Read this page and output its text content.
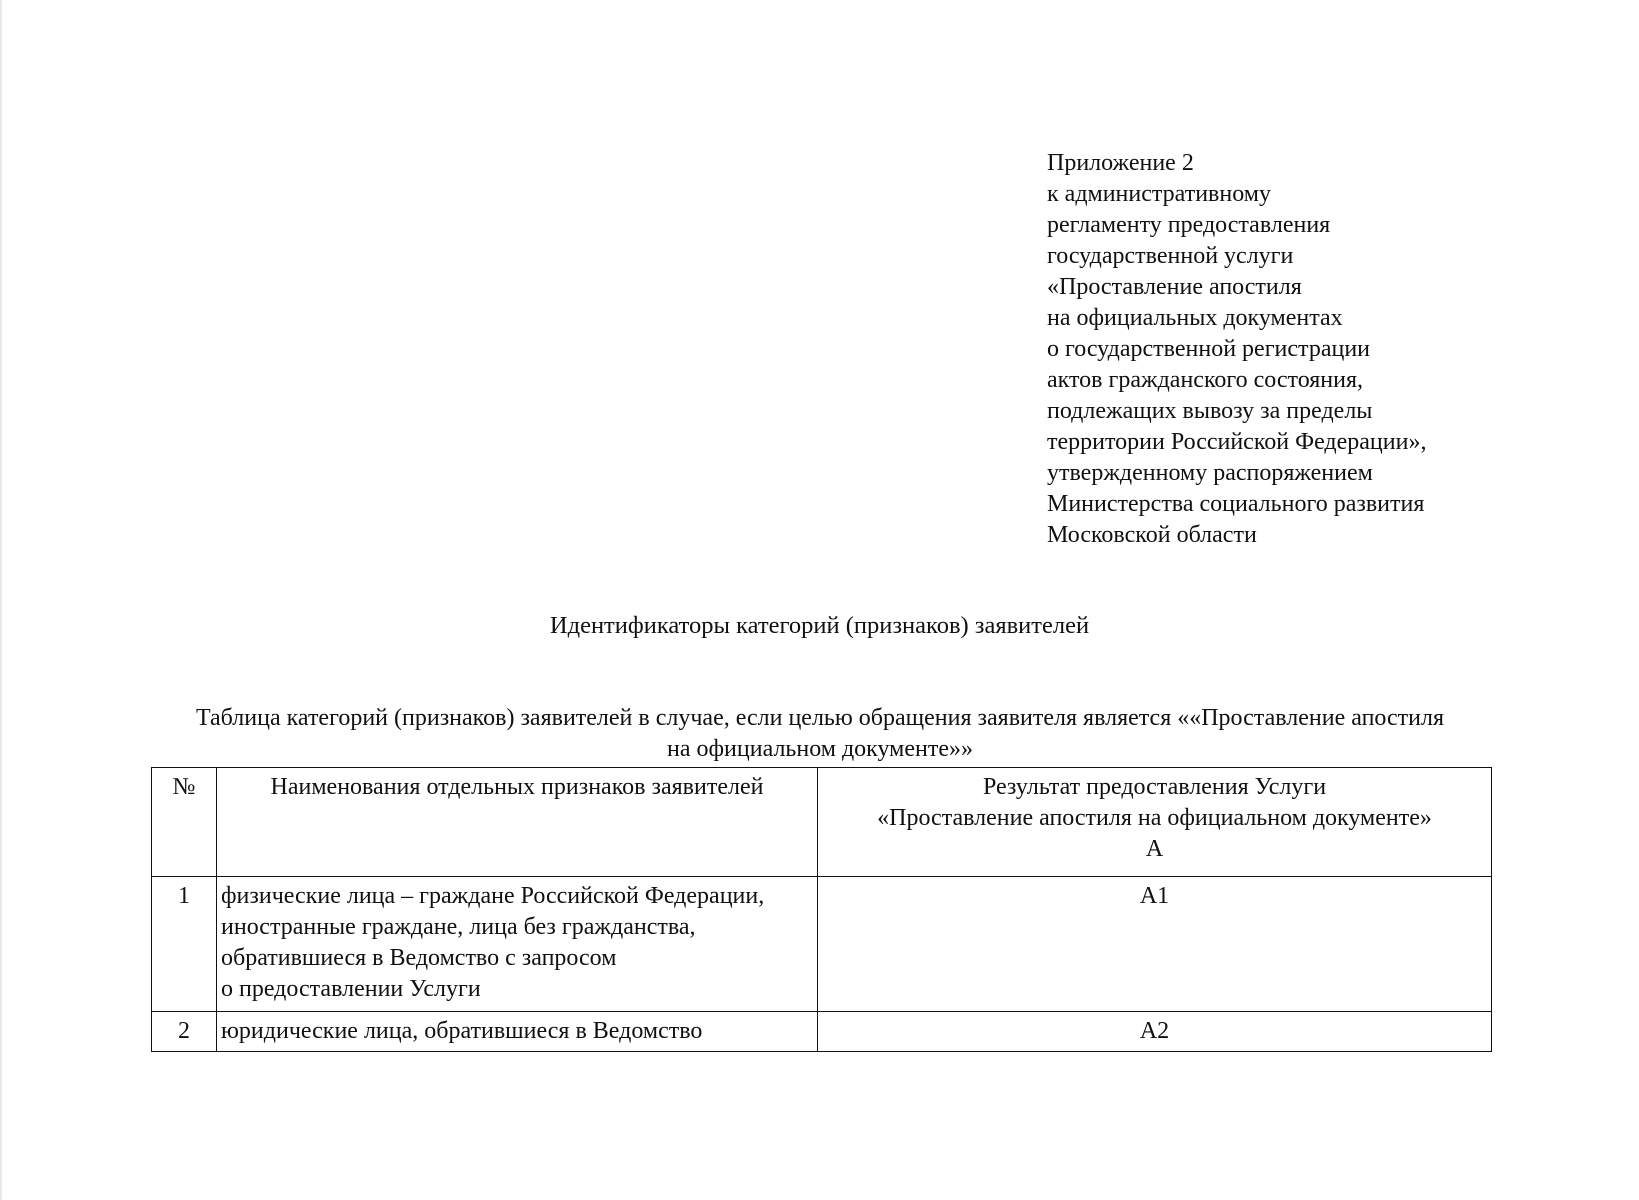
Приложение 2
к административному
регламенту предоставления
государственной услуги
«Проставление апостиля
на официальных документах
о государственной регистрации
актов гражданского состояния,
подлежащих вывозу за пределы
территории Российской Федерации»,
утвержденному распоряжением
Министерства социального развития
Московской области
Идентификаторы категорий (признаков) заявителей
Таблица категорий (признаков) заявителей в случае, если целью обращения заявителя является ««Проставление апостиля
на официальном документе»»
№	Наименования отдельных признаков заявителей	Результат предоставления Услуги
«Проставление апостиля на официальном документе»
А

1	физические лица – граждане Российской Федерации,
иностранные граждане, лица без гражданства,
обратившиеся в Ведомство с запросом
о предоставлении Услуги	А1
2	юридические лица, обратившиеся в Ведомство	А2
